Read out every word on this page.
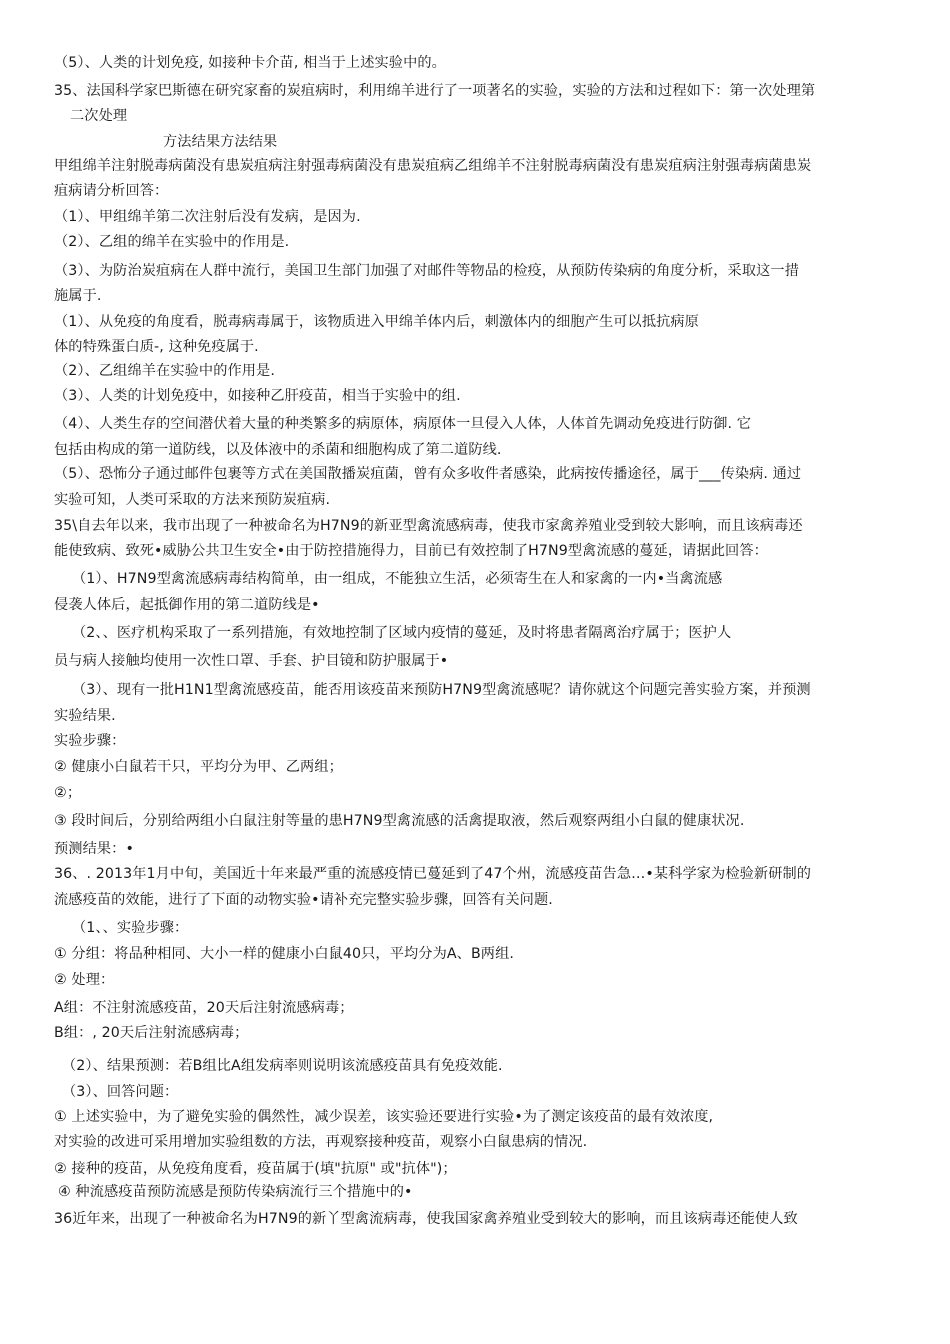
（5）、人类的计划免疫, 如接种卡介苗, 相当于上述实验中的。
35、法国科学家巴斯德在研究家畜的炭疽病时，利用绵羊进行了一项著名的实验，实验的方法和过程如下：第一次处理第
二次处理
方法结果方法结果
甲组绵羊注射脱毒病菌没有患炭疽病注射强毒病菌没有患炭疽病乙组绵羊不注射脱毒病菌没有患炭疽病注射强毒病菌患炭
疽病请分析回答：
（1）、甲组绵羊第二次注射后没有发病，是因为.
（2）、乙组的绵羊在实验中的作用是.
（3）、为防治炭疽病在人群中流行，美国卫生部门加强了对邮件等物品的检疫，从预防传染病的角度分析，采取这一措
施属于.
（1）、从免疫的角度看，脱毒病毒属于，该物质进入甲绵羊体内后，刺激体内的细胞产生可以抵抗病原
体的特殊蛋白质-, 这种免疫属于.
（2）、乙组绵羊在实验中的作用是.
（3）、人类的计划免疫中，如接种乙肝疫苗，相当于实验中的组.
（4）、人类生存的空间潜伏着大量的种类繁多的病原体，病原体一旦侵入人体，人体首先调动免疫进行防御. 它
包括由构成的第一道防线，以及体液中的杀菌和细胞构成了第二道防线.
（5）、恐怖分子通过邮件包裹等方式在美国散播炭疽菌，曾有众多收件者感染，此病按传播途径，属于___传染病. 通过
实验可知，人类可采取的方法来预防炭疽病.
35\自去年以来，我市出现了一种被命名为H7N9的新亚型禽流感病毒，使我市家禽养殖业受到较大影响，而且该病毒还
能使致病、致死•威胁公共卫生安全•由于防控措施得力，目前已有效控制了H7N9型禽流感的蔓延，请据此回答：
（1）、H7N9型禽流感病毒结构简单，由一组成，不能独立生活，必须寄生在人和家禽的一内•当禽流感
侵袭人体后，起抵御作用的第二道防线是•
（2、、医疗机构采取了一系列措施，有效地控制了区域内疫情的蔓延，及时将患者隔离治疗属于；医护人
员与病人接触均使用一次性口罩、手套、护目镜和防护服属于•
（3）、现有一批H1N1型禽流感疫苗，能否用该疫苗来预防H7N9型禽流感呢？请你就这个问题完善实验方案，并预测
实验结果.
实验步骤：
② 健康小白鼠若干只，平均分为甲、乙两组；
②；
③ 段时间后，分别给两组小白鼠注射等量的患H7N9型禽流感的活禽提取液，然后观察两组小白鼠的健康状况.
预测结果：•
36、. 2013年1月中旬，美国近十年来最严重的流感疫情已蔓延到了47个州，流感疫苗告急…•某科学家为检验新研制的
流感疫苗的效能，进行了下面的动物实验•请补充完整实验步骤，回答有关问题.
（1、、实验步骤：
① 分组：将品种相同、大小一样的健康小白鼠40只，平均分为A、B两组.
② 处理：
A组：不注射流感疫苗，20天后注射流感病毒；
B组：, 20天后注射流感病毒；
（2）、结果预测：若B组比A组发病率则说明该流感疫苗具有免疫效能.
（3）、回答问题：
① 上述实验中，为了避免实验的偶然性，减少误差，该实验还要进行实验•为了测定该疫苗的最有效浓度,
对实验的改进可采用增加实验组数的方法，再观察接种疫苗，观察小白鼠患病的情况.
② 接种的疫苗，从免疫角度看，疫苗属于(填"抗原" 或"抗体")；
④ 种流感疫苗预防流感是预防传染病流行三个措施中的•
36近年来，出现了一种被命名为H7N9的新丫型禽流病毒，使我国家禽养殖业受到较大的影响，而且该病毒还能使人致
